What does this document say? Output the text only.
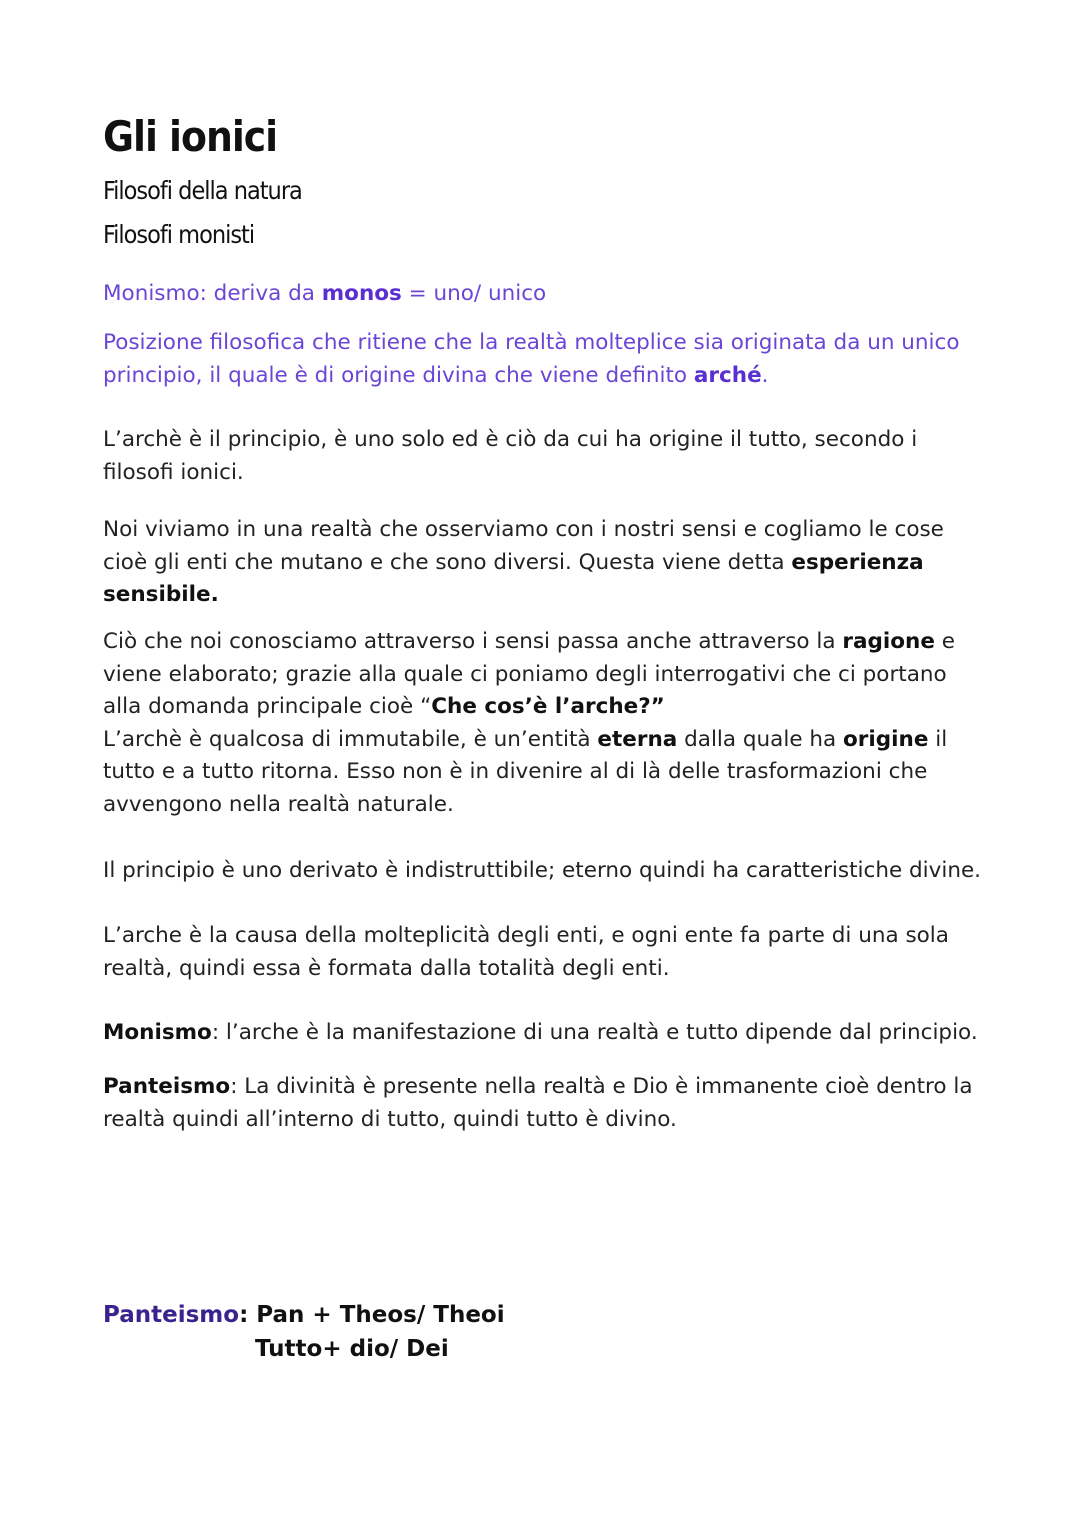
Gli ionici

Filosofi della natura

Filosofi monisti

Monismo: deriva da monos = uno/ unico

Posizione filosofica che ritiene che la realtà molteplice sia originata da un unico principio, il quale è di origine divina che viene definito arché.

L’archè è il principio, è uno solo ed è ciò da cui ha origine il tutto, secondo i filosofi ionici.

Noi viviamo in una realtà che osserviamo con i nostri sensi e cogliamo le cose cioè gli enti che mutano e che sono diversi. Questa viene detta esperienza sensibile.

Ciò che noi conosciamo attraverso i sensi passa anche attraverso la ragione e viene elaborato; grazie alla quale ci poniamo degli interrogativi che ci portano alla domanda principale cioè “Che cos’è l’arche?”
L’archè è qualcosa di immutabile, è un’entità eterna dalla quale ha origine il tutto e a tutto ritorna. Esso non è in divenire al di là delle trasformazioni che avvengono nella realtà naturale.

Il principio è uno derivato è indistruttibile; eterno quindi ha caratteristiche divine.

L’arche è la causa della molteplicità degli enti, e ogni ente fa parte di una sola realtà, quindi essa è formata dalla totalità degli enti.

Monismo: l’arche è la manifestazione di una realtà e tutto dipende dal principio.

Panteismo: La divinità è presente nella realtà e Dio è immanente cioè dentro la realtà quindi all’interno di tutto, quindi tutto è divino.

Panteismo: Pan + Theos/ Theoi
Tutto+ dio/ Dei
